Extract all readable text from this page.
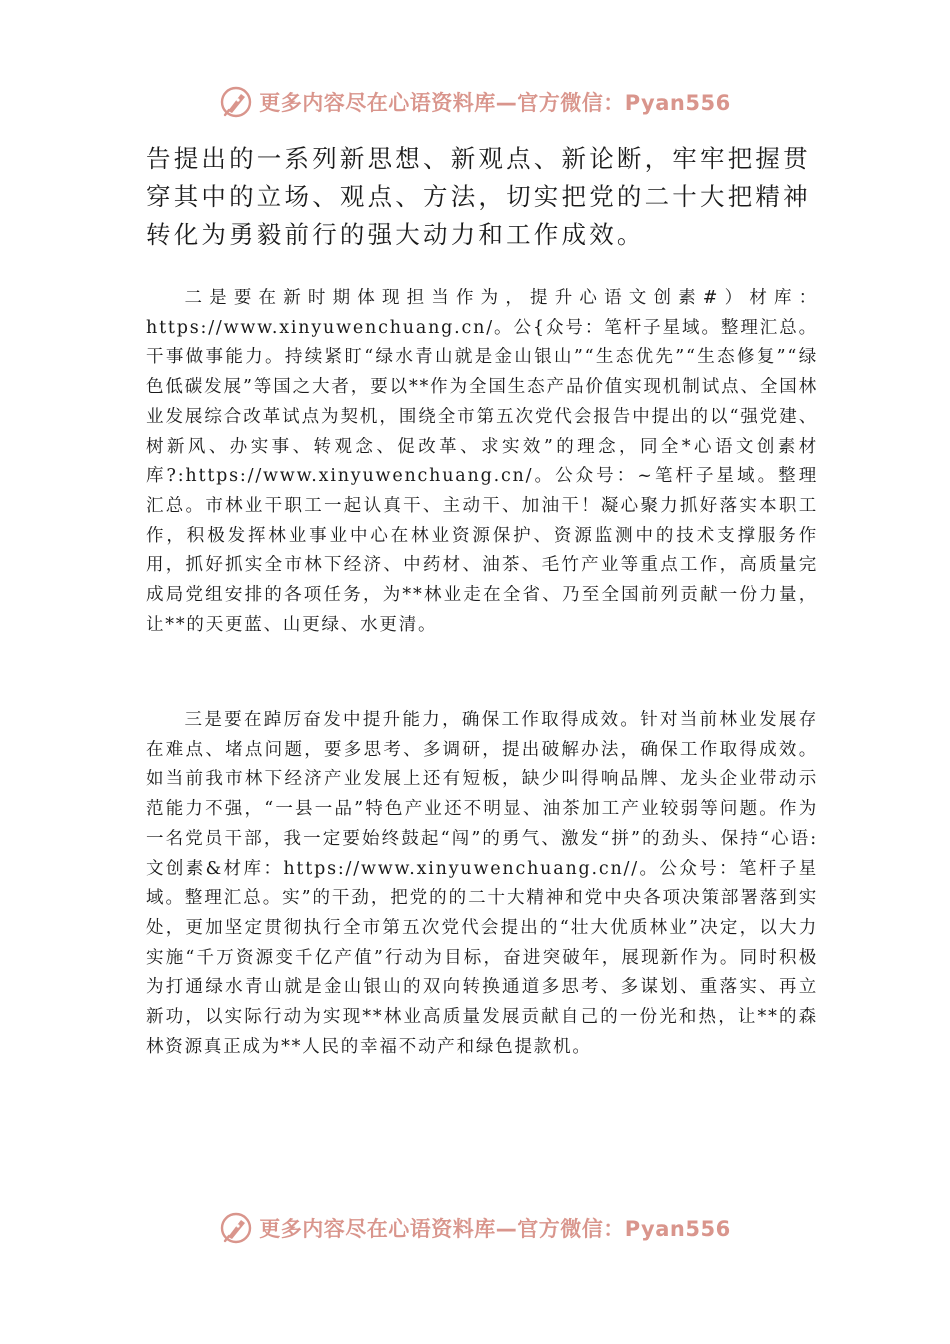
更多内容尽在心语资料库—官方微信：Pyan556

告提出的一系列新思想、新观点、新论断，牢牢把握贯穿其中的立场、观点、方法，切实把党的二十大把精神转化为勇毅前行的强大动力和工作成效。

二是要在新时期体现担当作为，提升心语文创素#）材库：https://www.xinyuwenchuang.cn/。公{众号：笔杆子星域。整理汇总。干事做事能力。持续紧盯“绿水青山就是金山银山”“生态优先”“生态修复”“绿色低碳发展”等国之大者，要以**作为全国生态产品价值实现机制试点、全国林业发展综合改革试点为契机，围绕全市第五次党代会报告中提出的以“强党建、树新风、办实事、转观念、促改革、求实效”的理念，同全*心语文创素材库?:https://www.xinyuwenchuang.cn/。公众号：~笔杆子星域。整理汇总。市林业干职工一起认真干、主动干、加油干！凝心聚力抓好落实本职工作，积极发挥林业事业中心在林业资源保护、资源监测中的技术支撑服务作用，抓好抓实全市林下经济、中药材、油茶、毛竹产业等重点工作，高质量完成局党组安排的各项任务，为**林业走在全省、乃至全国前列贡献一份力量，让**的天更蓝、山更绿、水更清。

三是要在踔厉奋发中提升能力，确保工作取得成效。针对当前林业发展存在难点、堵点问题，要多思考、多调研，提出破解办法，确保工作取得成效。如当前我市林下经济产业发展上还有短板，缺少叫得响品牌、龙头企业带动示范能力不强，“一县一品”特色产业还不明显、油茶加工产业较弱等问题。作为一名党员干部，我一定要始终鼓起“闯”的勇气、激发“拼”的劲头、保持“心语:文创素&材库：https://www.xinyuwenchuang.cn//。公众号：笔杆子星域。整理汇总。实”的干劲，把党的的二十大精神和党中央各项决策部署落到实处，更加坚定贯彻执行全市第五次党代会提出的“壮大优质林业”决定，以大力实施“千万资源变千亿产值”行动为目标，奋进突破年，展现新作为。同时积极为打通绿水青山就是金山银山的双向转换通道多思考、多谋划、重落实、再立新功，以实际行动为实现**林业高质量发展贡献自己的一份光和热，让**的森林资源真正成为**人民的幸福不动产和绿色提款机。

更多内容尽在心语资料库—官方微信：Pyan556
